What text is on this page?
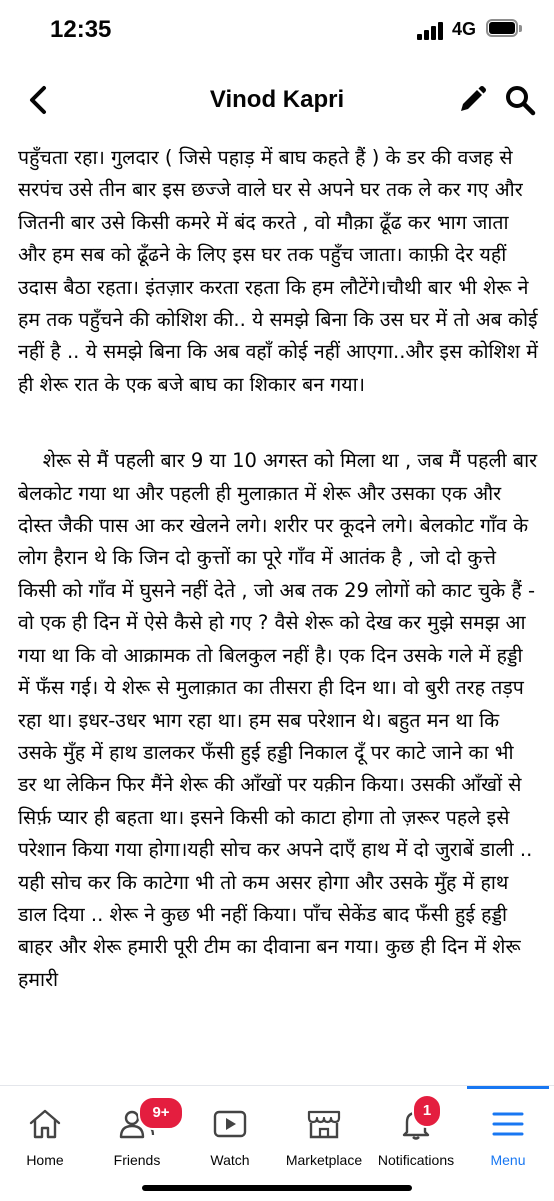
12:35	4G
Vinod Kapri

पहुँचता रहा। गुलदार ( जिसे पहाड़ में बाघ कहते हैं ) के डर की वजह से सरपंच उसे तीन बार इस छज्जे वाले घर से अपने घर तक ले कर गए और जितनी बार उसे किसी कमरे में बंद करते , वो मौक़ा ढूँढ कर भाग जाता और हम सब को ढूँढने के लिए इस घर तक पहुँच जाता। काफ़ी देर यहीं उदास बैठा रहता। इंतज़ार करता रहता कि हम लौटेंगे।चौथी बार भी शेरू ने हम तक पहुँचने की कोशिश की.. ये समझे बिना कि उस घर में तो अब कोई नहीं है .. ये समझे बिना कि अब वहाँ कोई नहीं आएगा..और इस कोशिश में ही शेरू रात के एक बजे बाघ का शिकार बन गया।

शेरू से मैं पहली बार 9 या 10 अगस्त को मिला था , जब मैं पहली बार बेलकोट गया था और पहली ही मुलाक़ात में शेरू और उसका एक और दोस्त जैकी पास आ कर खेलने लगे। शरीर पर कूदने लगे। बेलकोट गाँव के लोग हैरान थे कि जिन दो कुत्तों का पूरे गाँव में आतंक है , जो दो कुत्ते किसी को गाँव में घुसने नहीं देते , जो अब तक 29 लोगों को काट चुके हैं - वो एक ही दिन में ऐसे कैसे हो गए ? वैसे शेरू को देख कर मुझे समझ आ गया था कि वो आक्रामक तो बिलकुल नहीं है। एक दिन उसके गले में हड्डी में फँस गई। ये शेरू से मुलाक़ात का तीसरा ही दिन था। वो बुरी तरह तड़प रहा था। इधर-उधर भाग रहा था। हम सब परेशान थे। बहुत मन था कि उसके मुँह में हाथ डालकर फँसी हुई हड्डी निकाल दूँ पर काटे जाने का भी डर था लेकिन फिर मैंने शेरू की आँखों पर यक़ीन किया। उसकी आँखों से सिर्फ़ प्यार ही बहता था। इसने किसी को काटा होगा तो ज़रूर पहले इसे परेशान किया गया होगा।यही सोच कर अपने दाएँ हाथ में दो जुराबें डाली .. यही सोच कर कि काटेगा भी तो कम असर होगा और उसके मुँह में हाथ डाल दिया .. शेरू ने कुछ भी नहीं किया। पाँच सेकेंड बाद फँसी हुई हड्डी बाहर और शेरू हमारी पूरी टीम का दीवाना बन गया। कुछ ही दिन में शेरू हमारी

Home
9+
Friends	Watch	Marketplace
1
Notifications	Menu
